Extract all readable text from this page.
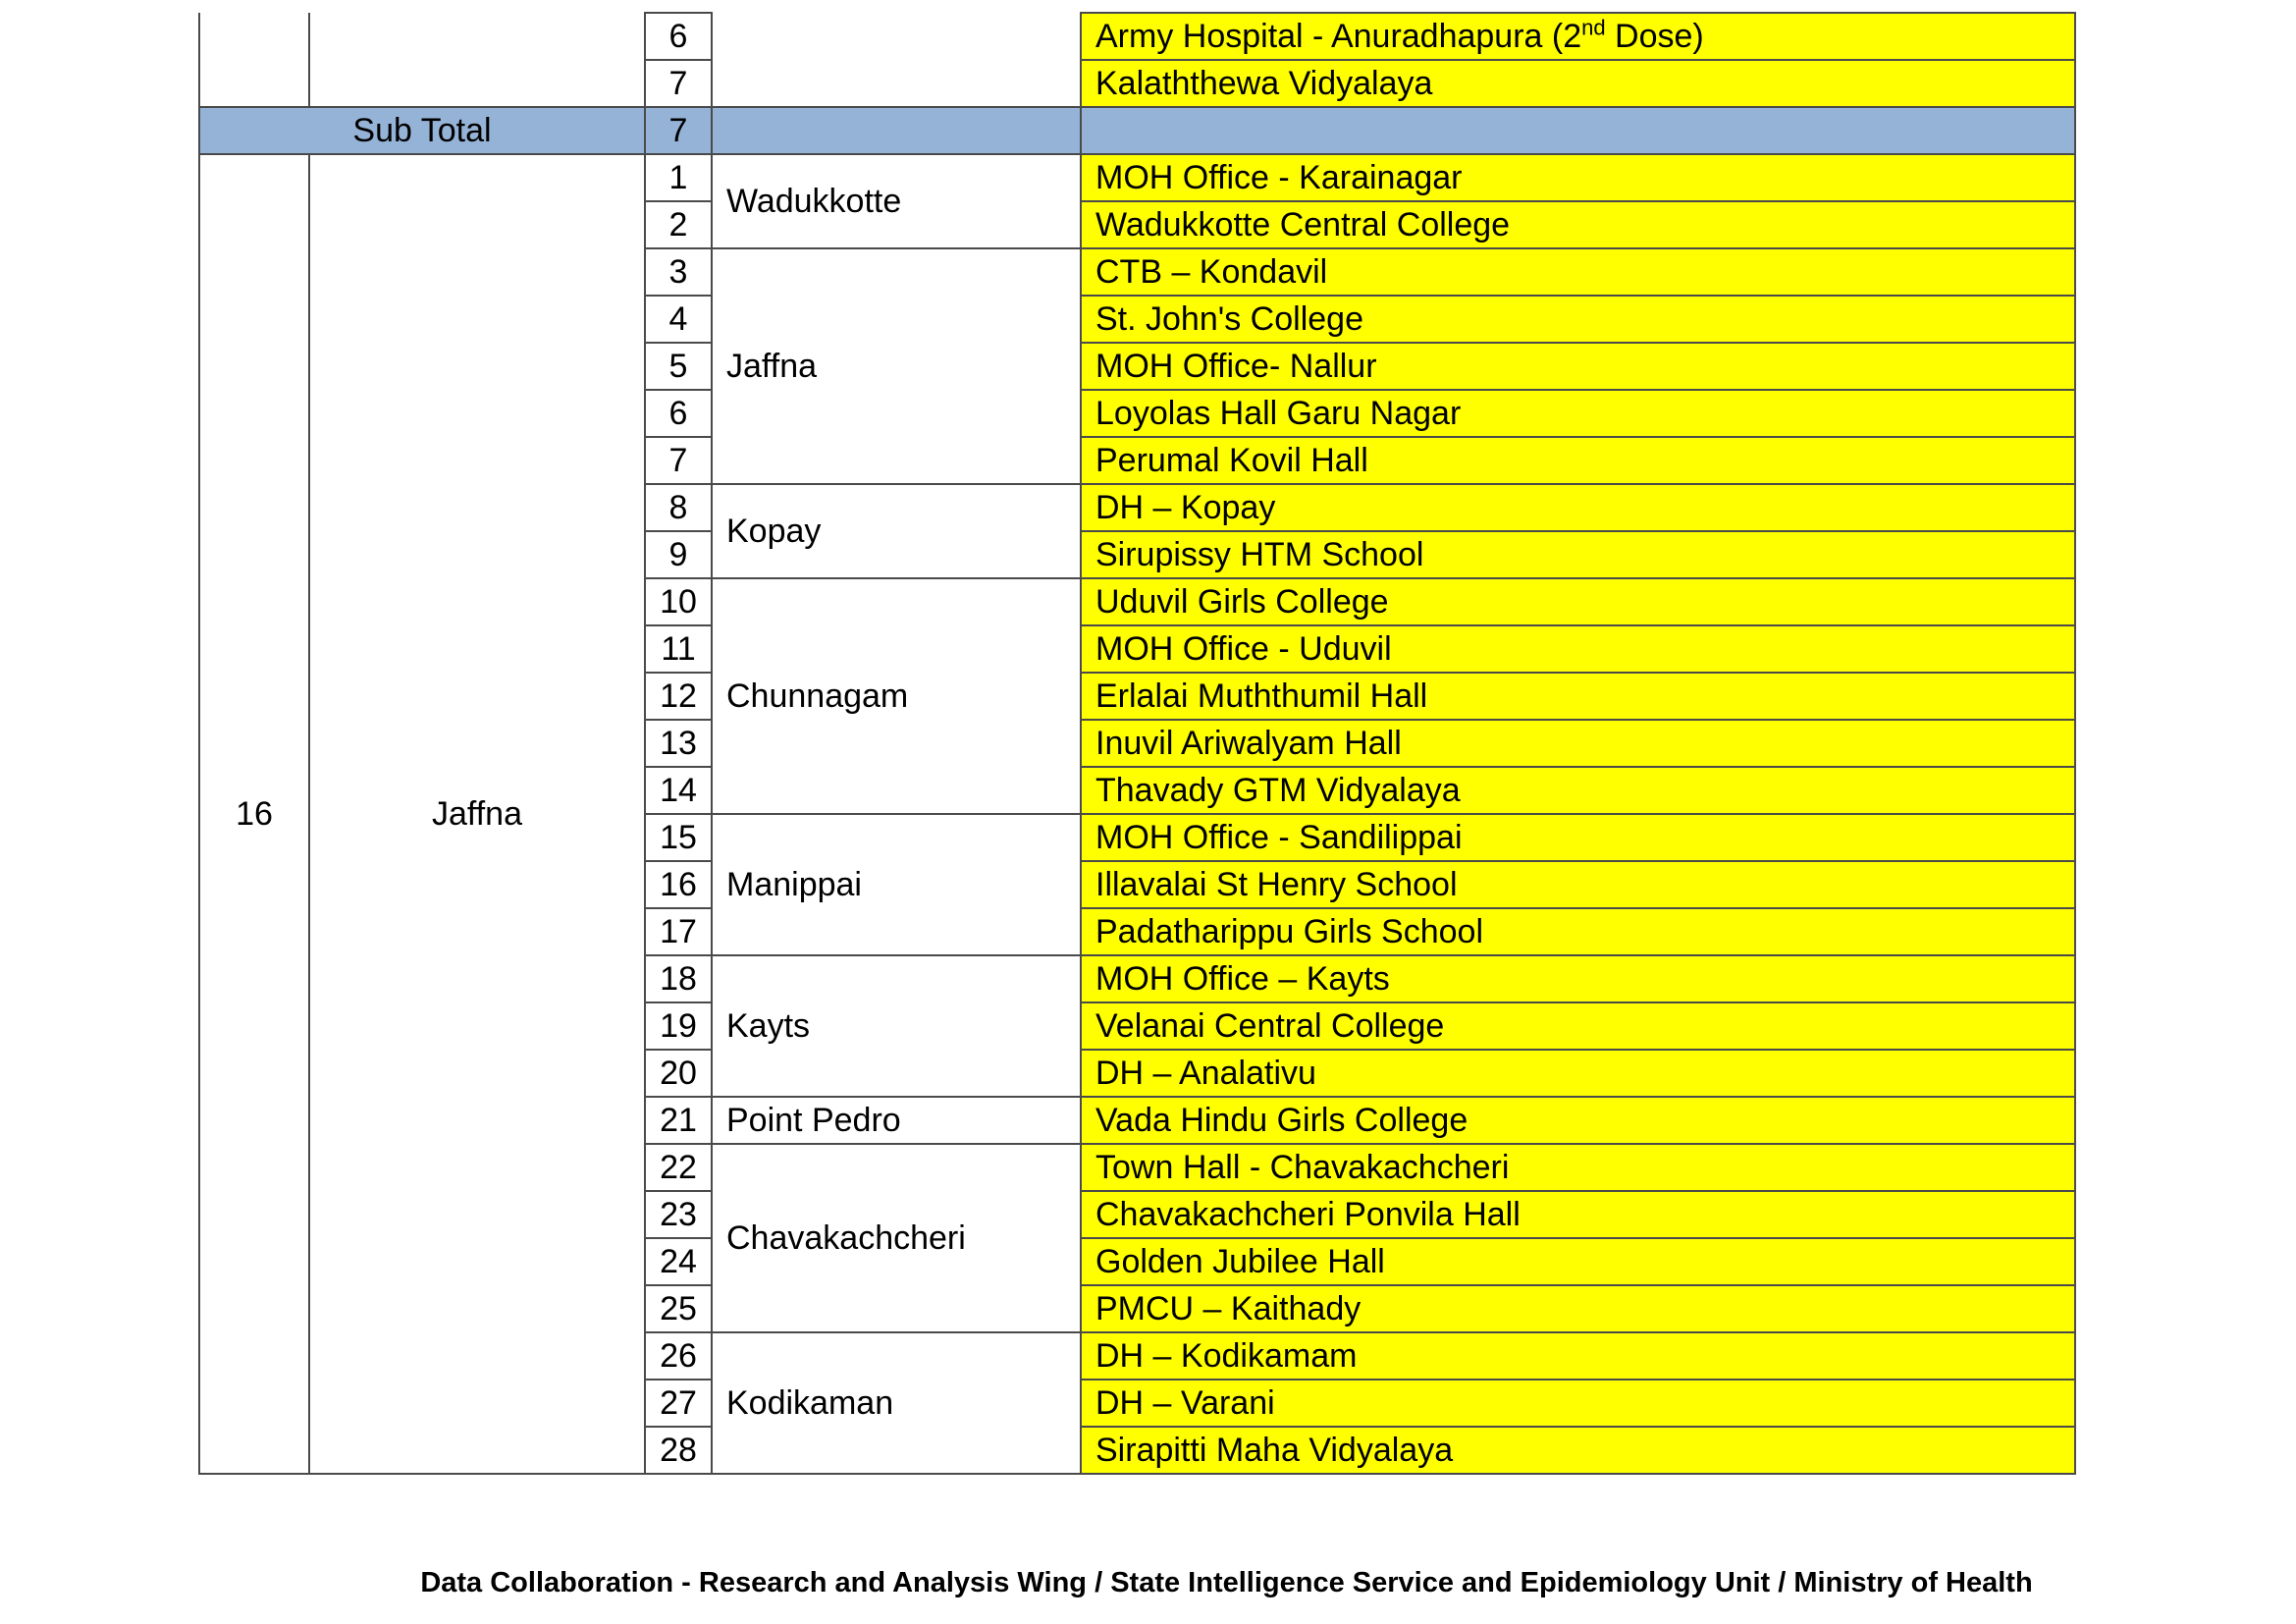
		6		Army Hospital - Anuradhapura (2nd Dose)
		7		Kalaththewa Vidyalaya
Sub Total		7		
16	Jaffna	1	Wadukkotte	MOH Office - Karainagar
		2		Wadukkotte Central College
		3	Jaffna	CTB – Kondavil
		4		St. John's College
		5		MOH Office- Nallur
		6		Loyolas Hall Garu Nagar
		7		Perumal Kovil Hall
		8	Kopay	DH – Kopay
		9		Sirupissy HTM School
		10	Chunnagam	Uduvil Girls College
		11		MOH Office - Uduvil
		12		Erlalai Muththumil Hall
		13		Inuvil Ariwalyam Hall
		14		Thavady GTM Vidyalaya
		15	Manippai	MOH Office - Sandilippai
		16		Illavalai St Henry School
		17		Padatharippu Girls School
		18	Kayts	MOH Office – Kayts
		19		Velanai Central College
		20		DH – Analativu
		21	Point Pedro	Vada Hindu Girls College
		22	Chavakachcheri	Town Hall - Chavakachcheri
		23		Chavakachcheri Ponvila Hall
		24		Golden Jubilee Hall
		25		PMCU – Kaithady
		26	Kodikaman	DH – Kodikamam
		27		DH – Varani
		28		Sirapitti Maha Vidyalaya
Data Collaboration - Research and Analysis Wing / State Intelligence Service and Epidemiology Unit / Ministry of Health
